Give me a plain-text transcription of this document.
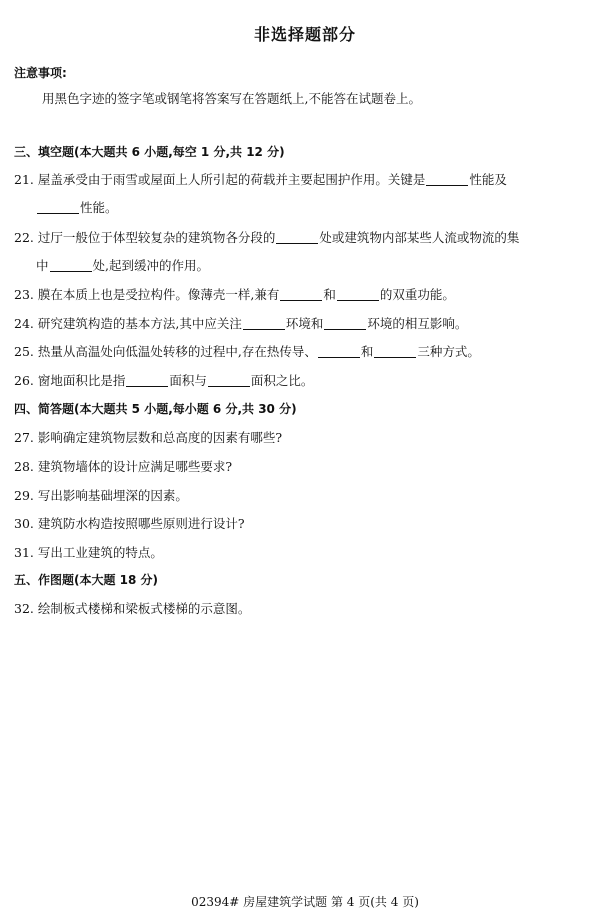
非选择题部分
注意事项:
用黑色字迹的签字笔或钢笔将答案写在答题纸上,不能答在试题卷上。
三、填空题(本大题共 6 小题,每空 1 分,共 12 分)
21. 屋盖承受由于雨雪或屋面上人所引起的荷载并主要起围护作用。关键是	性能及
性能。
22. 过厅一般位于体型较复杂的建筑物各分段的	处或建筑物内部某些人流或物流的集
中	处,起到缓冲的作用。
23. 膜在本质上也是受拉构件。像薄壳一样,兼有	和	的双重功能。
24. 研究建筑构造的基本方法,其中应关注	环境和	环境的相互影响。
25. 热量从高温处向低温处转移的过程中,存在热传导、	和	三种方式。
26. 窗地面积比是指	面积与	面积之比。
四、简答题(本大题共 5 小题,每小题 6 分,共 30 分)
27. 影响确定建筑物层数和总高度的因素有哪些?
28. 建筑物墙体的设计应满足哪些要求?
29. 写出影响基础埋深的因素。
30. 建筑防水构造按照哪些原则进行设计?
31. 写出工业建筑的特点。
五、作图题(本大题 18 分)
32. 绘制板式楼梯和梁板式楼梯的示意图。
02394# 房屋建筑学试题 第 4 页(共 4 页)
